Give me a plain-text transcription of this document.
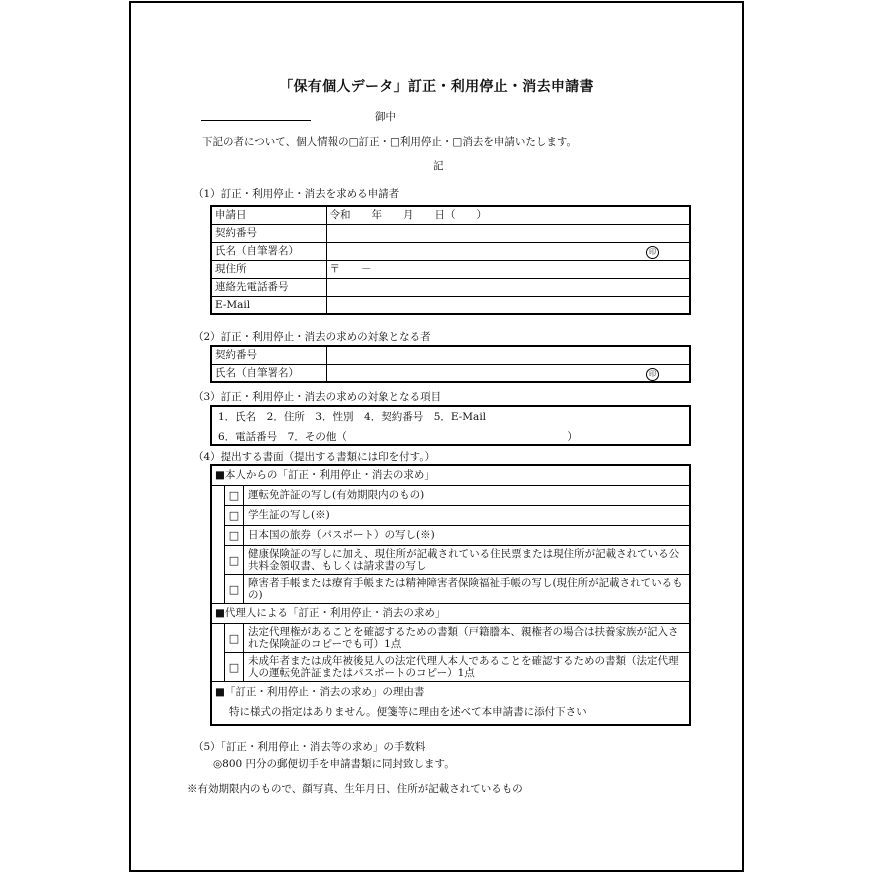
「保有個人データ」訂正・利用停止・消去申請書
御中
下記の者について、個人情報の□訂正・□利用停止・□消去を申請いたします。
記
（1）訂正・利用停止・消去を求める申請者
申請日	令和　　年　　月　　日（　　）
契約番号	
氏名（自筆署名）	印

現住所	〒　　－
連絡先電話番号	
E-Mail	
（2）訂正・利用停止・消去の求めの対象となる者
契約番号	
氏名（自筆署名）	印
（3）訂正・利用停止・消去の求めの対象となる項目
1．氏名　2．住所　3．性別　4．契約番号　5．E-Mail
6．電話番号　7．その他（　　　　　　　　　　　　　　　　　　　　　）
（4）提出する書面（提出する書類には印を付す。）
■本人からの「訂正・利用停止・消去の求め」
□ 運転免許証の写し(有効期限内のもの)
□ 学生証の写し(※)
□ 日本国の旅券（パスポート）の写し(※)
□ 健康保険証の写しに加え、現住所が記載されている住民票または現住所が記載されている公共料金領収書、もしくは請求書の写し
□ 障害者手帳または療育手帳または精神障害者保険福祉手帳の写し(現住所が記載されているもの)
■代理人による「訂正・利用停止・消去の求め」
□ 法定代理権があることを確認するための書類（戸籍謄本、親権者の場合は扶養家族が記入された保険証のコピーでも可）1点
□ 未成年者または成年被後見人の法定代理人本人であることを確認するための書類（法定代理人の運転免許証またはパスポートのコピー）1点
■「訂正・利用停止・消去の求め」の理由書
特に様式の指定はありません。便箋等に理由を述べて本申請書に添付下さい
（5）「訂正・利用停止・消去等の求め」の手数料
◎800 円分の郵便切手を申請書類に同封致します。
※有効期限内のもので、顔写真、生年月日、住所が記載されているもの
